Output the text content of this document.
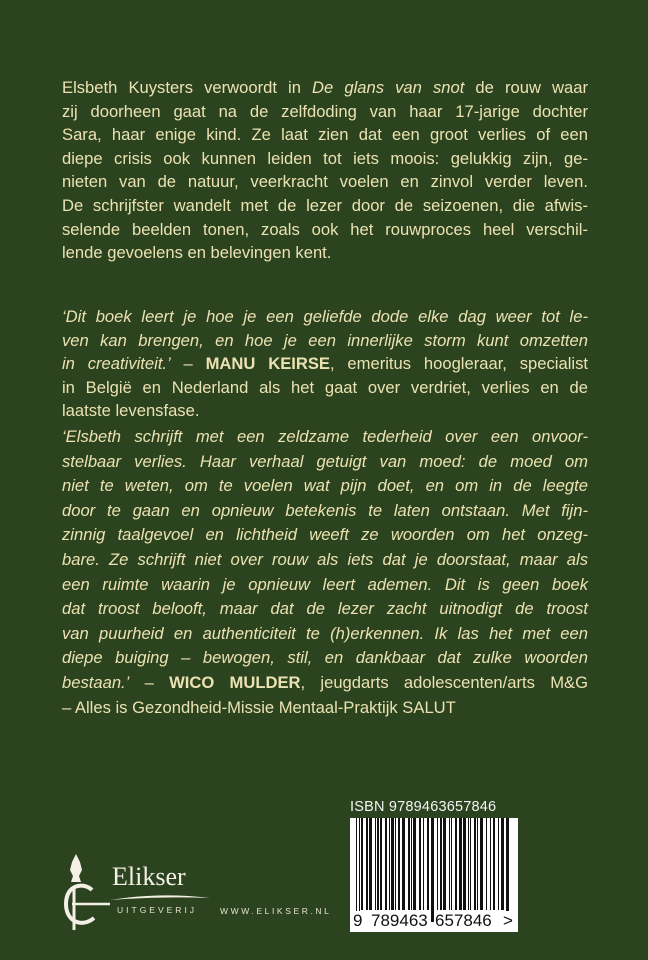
Elsbeth Kuysters verwoordt in De glans van snot de rouw waar
zij doorheen gaat na de zelfdoding van haar 17-jarige dochter
Sara, haar enige kind. Ze laat zien dat een groot verlies of een
diepe crisis ook kunnen leiden tot iets moois: gelukkig zijn, ge-
nieten van de natuur, veerkracht voelen en zinvol verder leven.
De schrijfster wandelt met de lezer door de seizoenen, die afwis-
selende beelden tonen, zoals ook het rouwproces heel verschil-
lende gevoelens en belevingen kent.
‘Dit boek leert je hoe je een geliefde dode elke dag weer tot le-
ven kan brengen, en hoe je een innerlijke storm kunt omzetten
in creativiteit.’ – MANU KEIRSE, emeritus hoogleraar, specialist
in België en Nederland als het gaat over verdriet, verlies en de
laatste levensfase.
‘Elsbeth schrijft met een zeldzame tederheid over een onvoor-
stelbaar verlies. Haar verhaal getuigt van moed: de moed om
niet te weten, om te voelen wat pijn doet, en om in de leegte
door te gaan en opnieuw betekenis te laten ontstaan. Met fijn-
zinnig taalgevoel en lichtheid weeft ze woorden om het onzeg-
bare. Ze schrijft niet over rouw als iets dat je doorstaat, maar als
een ruimte waarin je opnieuw leert ademen. Dit is geen boek
dat troost belooft, maar dat de lezer zacht uitnodigt de troost
van puurheid en authenticiteit te (h)erkennen. Ik las het met een
diepe buiging – bewogen, stil, en dankbaar dat zulke woorden
bestaan.’ – WICO MULDER, jeugdarts adolescenten/arts M&G
– Alles is Gezondheid-Missie Mentaal-Praktijk SALUT
Elikser
UITGEVERIJ	WWW.ELIKSER.NL
ISBN 9789463657846
9 789463 657846 >
